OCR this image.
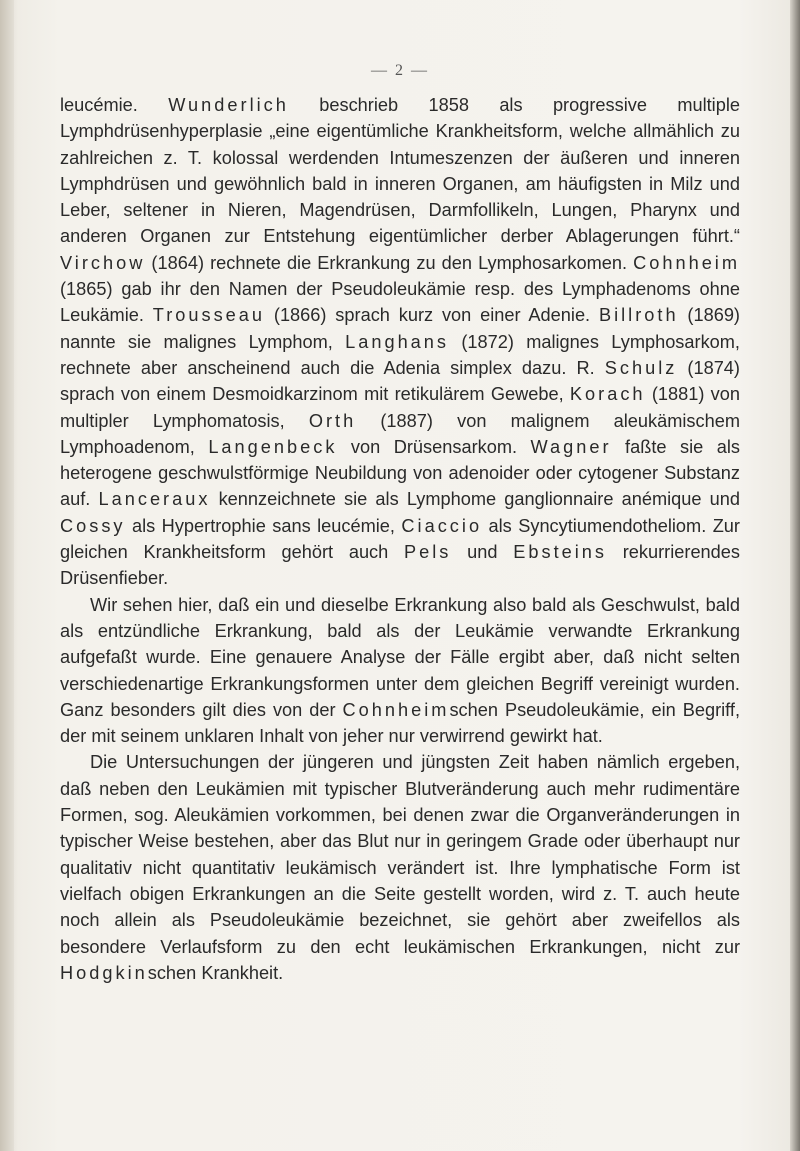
— 2 —

leucémie. Wunderlich beschrieb 1858 als progressive multiple Lymphdrüsenhyperplasie „eine eigentümliche Krankheitsform, welche allmählich zu zahlreichen z. T. kolossal werdenden Intumeszenzen der äußeren und inneren Lymphdrüsen und gewöhnlich bald in inneren Organen, am häufigsten in Milz und Leber, seltener in Nieren, Magendrüsen, Darmfollikeln, Lungen, Pharynx und anderen Organen zur Entstehung eigentümlicher derber Ablagerungen führt.“ Virchow (1864) rechnete die Erkrankung zu den Lymphosarkomen. Cohnheim (1865) gab ihr den Namen der Pseudoleukämie resp. des Lymphadenoms ohne Leukämie. Trousseau (1866) sprach kurz von einer Adenie. Billroth (1869) nannte sie malignes Lymphom, Langhans (1872) malignes Lymphosarkom, rechnete aber anscheinend auch die Adenia simplex dazu. R. Schulz (1874) sprach von einem Desmoidkarzinom mit retikulärem Gewebe, Korach (1881) von multipler Lymphomatosis, Orth (1887) von malignem aleukämischem Lymphoadenom, Langenbeck von Drüsensarkom. Wagner faßte sie als heterogene geschwulstförmige Neubildung von adenoider oder cytogener Substanz auf. Lanceraux kennzeichnete sie als Lymphome ganglionnaire anémique und Cossy als Hypertrophie sans leucémie, Ciaccio als Syncytiumendotheliom. Zur gleichen Krankheitsform gehört auch Pels und Ebsteins rekurrierendes Drüsenfieber.

Wir sehen hier, daß ein und dieselbe Erkrankung also bald als Geschwulst, bald als entzündliche Erkrankung, bald als der Leukämie verwandte Erkrankung aufgefaßt wurde. Eine genauere Analyse der Fälle ergibt aber, daß nicht selten verschiedenartige Erkrankungsformen unter dem gleichen Begriff vereinigt wurden. Ganz besonders gilt dies von der Cohnheimschen Pseudoleukämie, ein Begriff, der mit seinem unklaren Inhalt von jeher nur verwirrend gewirkt hat.

Die Untersuchungen der jüngeren und jüngsten Zeit haben nämlich ergeben, daß neben den Leukämien mit typischer Blutveränderung auch mehr rudimentäre Formen, sog. Aleukämien vorkommen, bei denen zwar die Organveränderungen in typischer Weise bestehen, aber das Blut nur in geringem Grade oder überhaupt nur qualitativ nicht quantitativ leukämisch verändert ist. Ihre lymphatische Form ist vielfach obigen Erkrankungen an die Seite gestellt worden, wird z. T. auch heute noch allein als Pseudoleukämie bezeichnet, sie gehört aber zweifellos als besondere Verlaufsform zu den echt leukämischen Erkrankungen, nicht zur Hodgkinschen Krankheit.
